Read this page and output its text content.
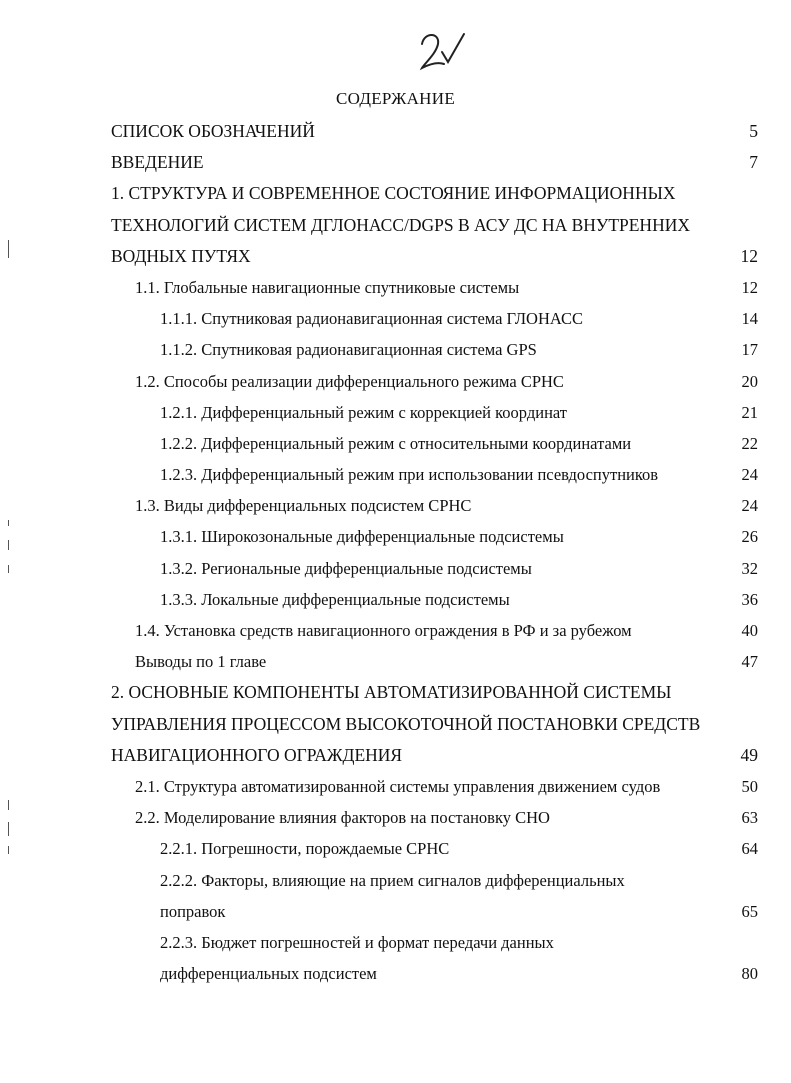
СОДЕРЖАНИЕ
СПИСОК ОБОЗНАЧЕНИЙ	5
ВВЕДЕНИЕ	7
1. СТРУКТУРА И СОВРЕМЕННОЕ СОСТОЯНИЕ ИНФОРМАЦИОННЫХ
ТЕХНОЛОГИЙ СИСТЕМ ДГЛОНАСС/DGPS В АСУ ДС НА ВНУТРЕННИХ
ВОДНЫХ ПУТЯХ	12
1.1. Глобальные навигационные спутниковые системы	12
1.1.1. Спутниковая радионавигационная система ГЛОНАСС	14
1.1.2. Спутниковая радионавигационная система GPS	17
1.2. Способы реализации дифференциального режима СРНС	20
1.2.1. Дифференциальный режим с коррекцией координат	21
1.2.2. Дифференциальный режим с относительными координатами	22
1.2.3. Дифференциальный режим при использовании псевдоспутников	24
1.3. Виды дифференциальных подсистем СРНС	24
1.3.1. Широкозональные дифференциальные подсистемы	26
1.3.2. Региональные дифференциальные подсистемы	32
1.3.3. Локальные дифференциальные подсистемы	36
1.4. Установка средств навигационного ограждения в РФ и за рубежом	40
Выводы по 1 главе	47
2. ОСНОВНЫЕ КОМПОНЕНТЫ АВТОМАТИЗИРОВАННОЙ СИСТЕМЫ
УПРАВЛЕНИЯ ПРОЦЕССОМ ВЫСОКОТОЧНОЙ ПОСТАНОВКИ СРЕДСТВ
НАВИГАЦИОННОГО ОГРАЖДЕНИЯ	49
2.1. Структура автоматизированной системы управления движением судов	50
2.2. Моделирование влияния факторов на постановку СНО	63
2.2.1. Погрешности, порождаемые СРНС	64
2.2.2. Факторы, влияющие на прием сигналов дифференциальных
поправок	65
2.2.3. Бюджет погрешностей и формат передачи данных
дифференциальных подсистем	80
